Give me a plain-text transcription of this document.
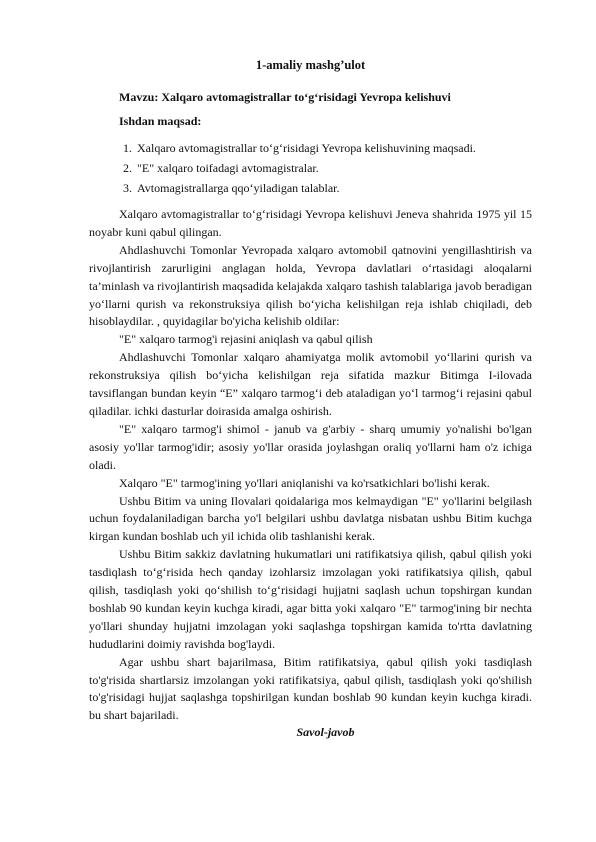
1-amaliy mashg’ulot
Mavzu: Xalqaro avtomagistrallar to‘g‘risidagi Yevropa kelishuvi
Ishdan maqsad:
1. Xalqaro avtomagistrallar to‘g‘risidagi Yevropa kelishuvining maqsadi.
2. "E" xalqaro toifadagi avtomagistralar.
3. Avtomagistrallarga qqo‘yiladigan talablar.

Xalqaro avtomagistrallar to‘g‘risidagi Yevropa kelishuvi Jeneva shahrida 1975 yil 15 noyabr kuni qabul qilingan.

Ahdlashuvchi Tomonlar Yevropada xalqaro avtomobil qatnovini yengillashtirish va rivojlantirish zarurligini anglagan holda, Yevropa davlatlari o‘rtasidagi aloqalarni ta’minlash va rivojlantirish maqsadida kelajakda xalqaro tashish talablariga javob beradigan yo‘llarni qurish va rekonstruksiya qilish bo‘yicha kelishilgan reja ishlab chiqiladi, deb hisoblaydilar. , quyidagilar bo'yicha kelishib oldilar:

"E" xalqaro tarmog'i rejasini aniqlash va qabul qilish

Ahdlashuvchi Tomonlar xalqaro ahamiyatga molik avtomobil yo‘llarini qurish va rekonstruksiya qilish bo‘yicha kelishilgan reja sifatida mazkur Bitimga I-ilovada tavsiflangan bundan keyin “E” xalqaro tarmog‘i deb ataladigan yo‘l tarmog‘i rejasini qabul qiladilar. ichki dasturlar doirasida amalga oshirish.

"E" xalqaro tarmog'i shimol - janub va g'arbiy - sharq umumiy yo'nalishi bo'lgan asosiy yo'llar tarmog'idir; asosiy yo'llar orasida joylashgan oraliq yo'llarni ham o'z ichiga oladi.

Xalqaro "E" tarmog'ining yo'llari aniqlanishi va ko'rsatkichlari bo'lishi kerak.

Ushbu Bitim va uning Ilovalari qoidalariga mos kelmaydigan "E" yo'llarini belgilash uchun foydalaniladigan barcha yo'l belgilari ushbu davlatga nisbatan ushbu Bitim kuchga kirgan kundan boshlab uch yil ichida olib tashlanishi kerak.

Ushbu Bitim sakkiz davlatning hukumatlari uni ratifikatsiya qilish, qabul qilish yoki tasdiqlash to‘g‘risida hech qanday izohlarsiz imzolagan yoki ratifikatsiya qilish, qabul qilish, tasdiqlash yoki qo‘shilish to‘g‘risidagi hujjatni saqlash uchun topshirgan kundan boshlab 90 kundan keyin kuchga kiradi, agar bitta yoki xalqaro "E" tarmog'ining bir nechta yo'llari shunday hujjatni imzolagan yoki saqlashga topshirgan kamida to'rtta davlatning hududlarini doimiy ravishda bog'laydi.

Agar ushbu shart bajarilmasa, Bitim ratifikatsiya, qabul qilish yoki tasdiqlash to'g'risida shartlarsiz imzolangan yoki ratifikatsiya, qabul qilish, tasdiqlash yoki qo'shilish to'g'risidagi hujjat saqlashga topshirilgan kundan boshlab 90 kundan keyin kuchga kiradi. bu shart bajariladi.

Savol-javob
